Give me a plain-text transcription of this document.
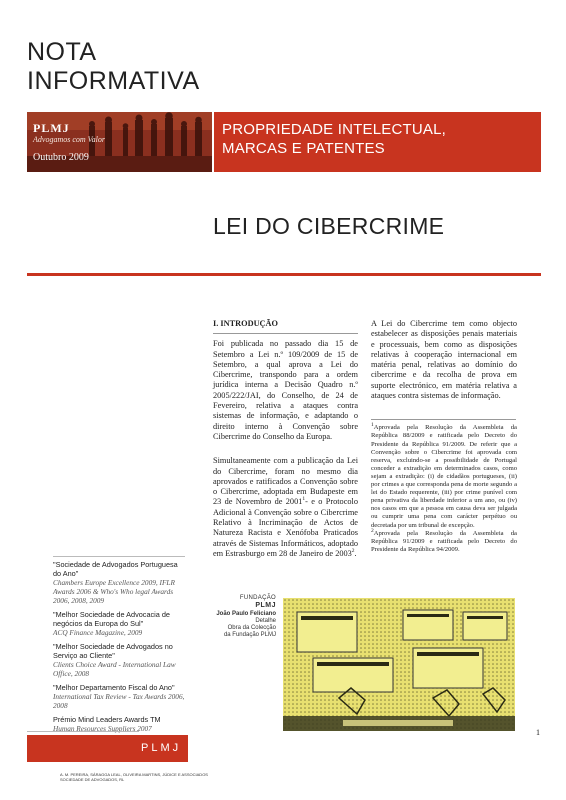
NOTA
INFORMATIVA
PLMJ
Advogamos com Valor
Outubro 2009
PROPRIEDADE INTELECTUAL,
MARCAS E PATENTES
LEI DO CIBERCRIME
I. INTRODUÇÃO

Foi publicada no passado dia 15 de Setembro a Lei n.º 109/2009 de 15 de Setembro, a qual aprova a Lei do Cibercrime, transpondo para a ordem jurídica interna a Decisão Quadro n.º 2005/222/JAI, do Conselho, de 24 de Fevereiro, relativa a ataques contra sistemas de informação, e adaptando o direito interno à Convenção sobre Cibercrime do Conselho da Europa.

Simultaneamente com a publicação da Lei do Cibercrime, foram no mesmo dia aprovados e ratificados a Convenção sobre o Cibercrime, adoptada em Budapeste em 23 de Novembro de 2001$^1$- e o Protocolo Adicional à Convenção sobre o Cibercrime Relativo à Incriminação de Actos de Natureza Racista e Xenófoba Praticados através de Sistemas Informáticos, adoptado em Estrasburgo em 28 de Janeiro de 2003$^2$.

A Lei do Cibercrime tem como objecto estabelecer as disposições penais materiais e processuais, bem como as disposições relativas à cooperação internacional em matéria penal, relativas ao domínio do cibercrime e da recolha de prova em suporte electrónico, em matéria relativa a ataques contra sistemas de informação.

$^1$Aprovada pela Resolução da Assembleia da República 88/2009 e ratificada pelo Decreto do Presidente da República 91/2009. De referir que a Convenção sobre o Cibercrime foi aprovada com reserva, excluindo-se a possibilidade de Portugal conceder a extradição em determinados casos, como sejam a extradição: (i) de cidadãos portugueses, (ii) por crimes a que corresponda pena de morte segundo a lei do Estado requerente, (iii) por crime punível com pena privativa da liberdade inferior a um ano, ou (iv) nos casos em que a pessoa em causa deva ser julgada ou cumprir uma pena com carácter perpétuo ou decretada por um tribunal de excepção.

$^2$Aprovada pela Resolução da Assembleia da República 91/2009 e ratificada pelo Decreto do Presidente da República 94/2009.

"Sociedade de Advogados Portuguesa do Ano"
Chambers Europe Excellence 2009, IFLR Awards 2006 & Who's Who legal Awards 2006, 2008, 2009
"Melhor Sociedade de Advocacia de negócios da Europa do Sul"
ACQ Finance Magazine, 2009
"Melhor Sociedade de Advogados no Serviço ao Cliente"
Clients Choice Award - International Law Office, 2008
"Melhor Departamento Fiscal do Ano"
International Tax Review - Tax Awards 2006, 2008
Prémio Mind Leaders Awards TM
Human Resources Suppliers 2007
FUNDAÇÃO
PLMJ
João Paulo Feliciano
Detalhe
Obra da Colecção
da Fundação PLMJ
1
PLMJ
A. M. PEREIRA, SÁRAGGA LEAL, OLIVEIRA MARTINS, JÚDICE E ASSOCIADOS
SOCIEDADE DE ADVOGADOS, RL
